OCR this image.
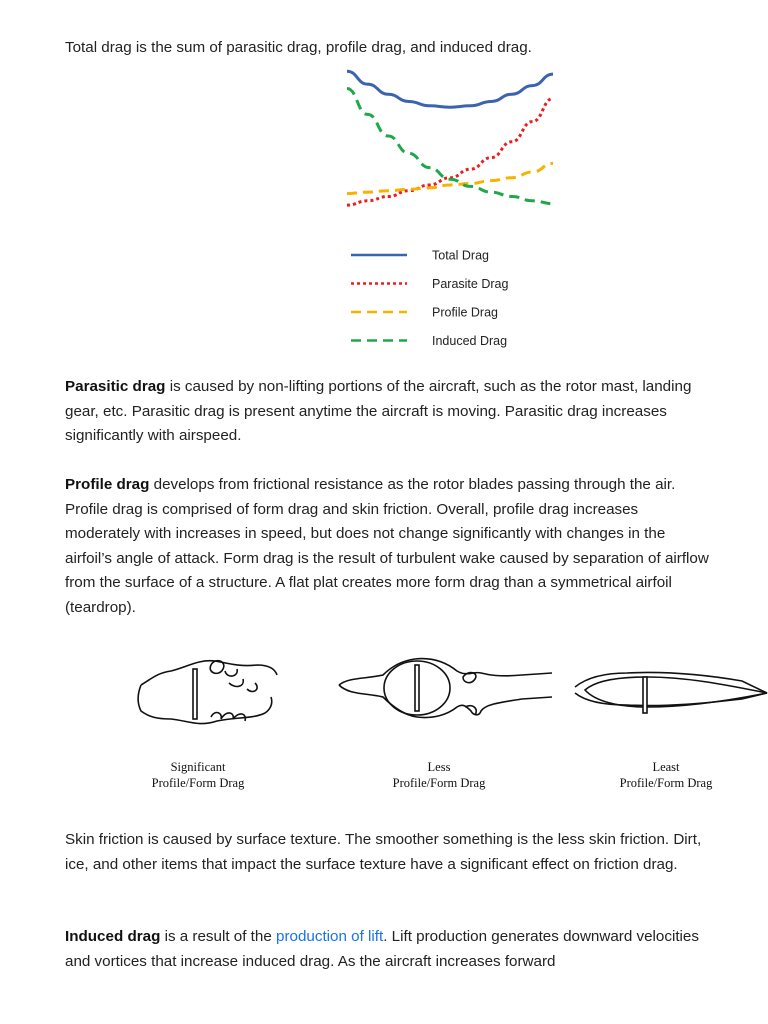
Total drag is the sum of parasitic drag, profile drag, and induced drag.

Total Drag
Parasite Drag
Profile Drag
Induced Drag

Parasitic drag is caused by non-lifting portions of the aircraft, such as the rotor mast, landing gear, etc. Parasitic drag is present anytime the aircraft is moving. Parasitic drag increases significantly with airspeed.

Profile drag develops from frictional resistance as the rotor blades passing through the air. Profile drag is comprised of form drag and skin friction. Overall, profile drag increases moderately with increases in speed, but does not change significantly with changes in the airfoil’s angle of attack. Form drag is the result of turbulent wake caused by separation of airflow from the surface of a structure. A flat plat creates more form drag than a symmetrical airfoil (teardrop).

Significant
Profile/Form Drag
Less
Profile/Form Drag
Least
Profile/Form Drag

Skin friction is caused by surface texture. The smoother something is the less skin friction. Dirt, ice, and other items that impact the surface texture have a significant effect on friction drag.

Induced drag is a result of the production of lift. Lift production generates downward velocities and vortices that increase induced drag. As the aircraft increases forward
